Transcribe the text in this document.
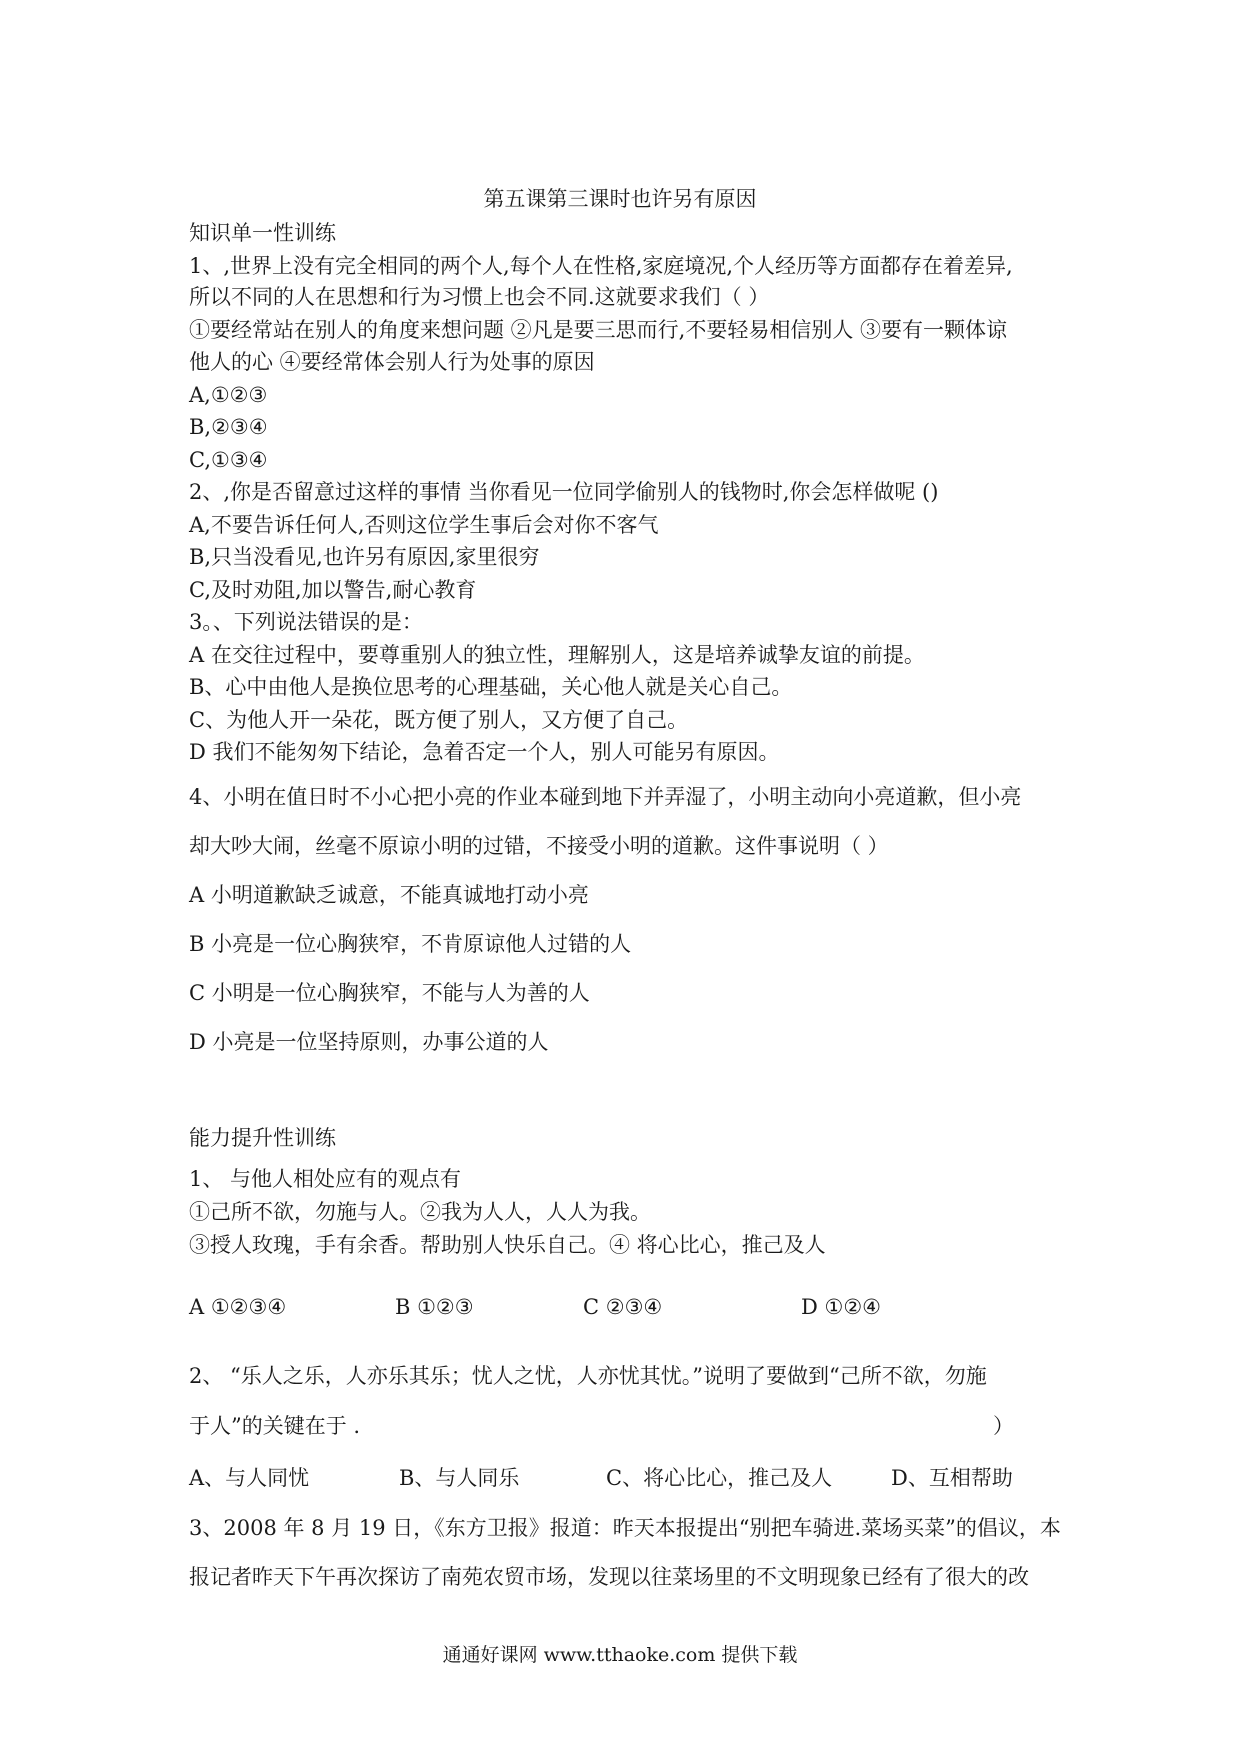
第五课第三课时也许另有原因

知识单一性训练

1、,世界上没有完全相同的两个人,每个人在性格,家庭境况,个人经历等方面都存在着差异,

所以不同的人在思想和行为习惯上也会不同.这就要求我们（ ）

①要经常站在别人的角度来想问题 ②凡是要三思而行,不要轻易相信别人 ③要有一颗体谅

他人的心 ④要经常体会别人行为处事的原因

A,①②③

B,②③④

C,①③④

2、,你是否留意过这样的事情 当你看见一位同学偷别人的钱物时,你会怎样做呢 ()

A,不要告诉任何人,否则这位学生事后会对你不客气

B,只当没看见,也许另有原因,家里很穷

C,及时劝阻,加以警告,耐心教育

3。、下列说法错误的是：

A 在交往过程中，要尊重别人的独立性，理解别人，这是培养诚挚友谊的前提。

B、心中由他人是换位思考的心理基础，关心他人就是关心自己。

C、为他人开一朵花，既方便了别人，又方便了自己。

D 我们不能匆匆下结论，急着否定一个人，别人可能另有原因。

4、小明在值日时不小心把小亮的作业本碰到地下并弄湿了，小明主动向小亮道歉，但小亮

却大吵大闹，丝毫不原谅小明的过错，不接受小明的道歉。这件事说明（ ）

A 小明道歉缺乏诚意，不能真诚地打动小亮

B 小亮是一位心胸狭窄，不肯原谅他人过错的人

C 小明是一位心胸狭窄，不能与人为善的人

D 小亮是一位坚持原则，办事公道的人

能力提升性训练

1、 与他人相处应有的观点有

①己所不欲，勿施与人。②我为人人，人人为我。

③授人玫瑰，手有余香。帮助别人快乐自己。④ 将心比心，推己及人

A ①②③④	B ①②③	C ②③④	D ①②④

2、 “乐人之乐，人亦乐其乐；忧人之忧，人亦忧其忧。”说明了要做到“己所不欲，勿施

于人”的关键在于 .	）

A、与人同忧	B、与人同乐	C、将心比心，推己及人	D、互相帮助

3、2008 年 8 月 19 日，《东方卫报》报道：昨天本报提出“别把车骑进.菜场买菜”的倡议，本

报记者昨天下午再次探访了南苑农贸市场，发现以往菜场里的不文明现象已经有了很大的改

通通好课网 www.tthaoke.com 提供下载
